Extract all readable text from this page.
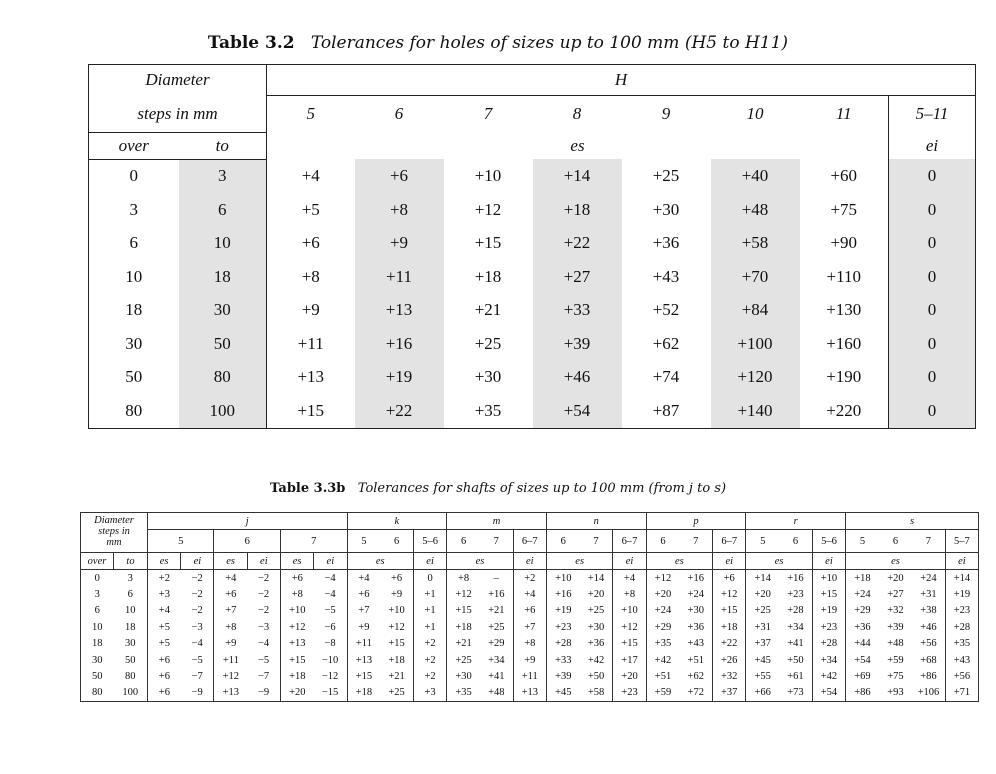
Table 3.2 Tolerances for holes of sizes up to 100 mm (H5 to H11)
Diameter		H							
steps in mm		5	6	7	8	9	10	11	5–11
over	to	es							ei
0	3	+4	+6	+10	+14	+25	+40	+60	0
3	6	+5	+8	+12	+18	+30	+48	+75	0
6	10	+6	+9	+15	+22	+36	+58	+90	0
10	18	+8	+11	+18	+27	+43	+70	+110	0
18	30	+9	+13	+21	+33	+52	+84	+130	0
30	50	+11	+16	+25	+39	+62	+100	+160	0
50	80	+13	+19	+30	+46	+74	+120	+190	0
80	100	+15	+22	+35	+54	+87	+140	+220	0
Table 3.3b Tolerances for shafts of sizes up to 100 mm (from j to s)
Diameter
steps in
mm		j						k			m			n			p			r			s			
		5		6		7		5	6	5–6	6	7	6–7	6	7	6–7	6	7	6–7	5	6	5–6	5	6	7	5–7
over	to	es	ei	es	ei	es	ei	es		ei	es		ei	es		ei	es		ei	es		ei	es			ei
0	3	+2	−2	+4	−2	+6	−4	+4	+6	0	+8	–	+2	+10	+14	+4	+12	+16	+6	+14	+16	+10	+18	+20	+24	+14
3	6	+3	−2	+6	−2	+8	−4	+6	+9	+1	+12	+16	+4	+16	+20	+8	+20	+24	+12	+20	+23	+15	+24	+27	+31	+19
6	10	+4	−2	+7	−2	+10	−5	+7	+10	+1	+15	+21	+6	+19	+25	+10	+24	+30	+15	+25	+28	+19	+29	+32	+38	+23
10	18	+5	−3	+8	−3	+12	−6	+9	+12	+1	+18	+25	+7	+23	+30	+12	+29	+36	+18	+31	+34	+23	+36	+39	+46	+28
18	30	+5	−4	+9	−4	+13	−8	+11	+15	+2	+21	+29	+8	+28	+36	+15	+35	+43	+22	+37	+41	+28	+44	+48	+56	+35
30	50	+6	−5	+11	−5	+15	−10	+13	+18	+2	+25	+34	+9	+33	+42	+17	+42	+51	+26	+45	+50	+34	+54	+59	+68	+43
50	80	+6	−7	+12	−7	+18	−12	+15	+21	+2	+30	+41	+11	+39	+50	+20	+51	+62	+32	+55	+61	+42	+69	+75	+86	+56
80	100	+6	−9	+13	−9	+20	−15	+18	+25	+3	+35	+48	+13	+45	+58	+23	+59	+72	+37	+66	+73	+54	+86	+93	+106	+71
